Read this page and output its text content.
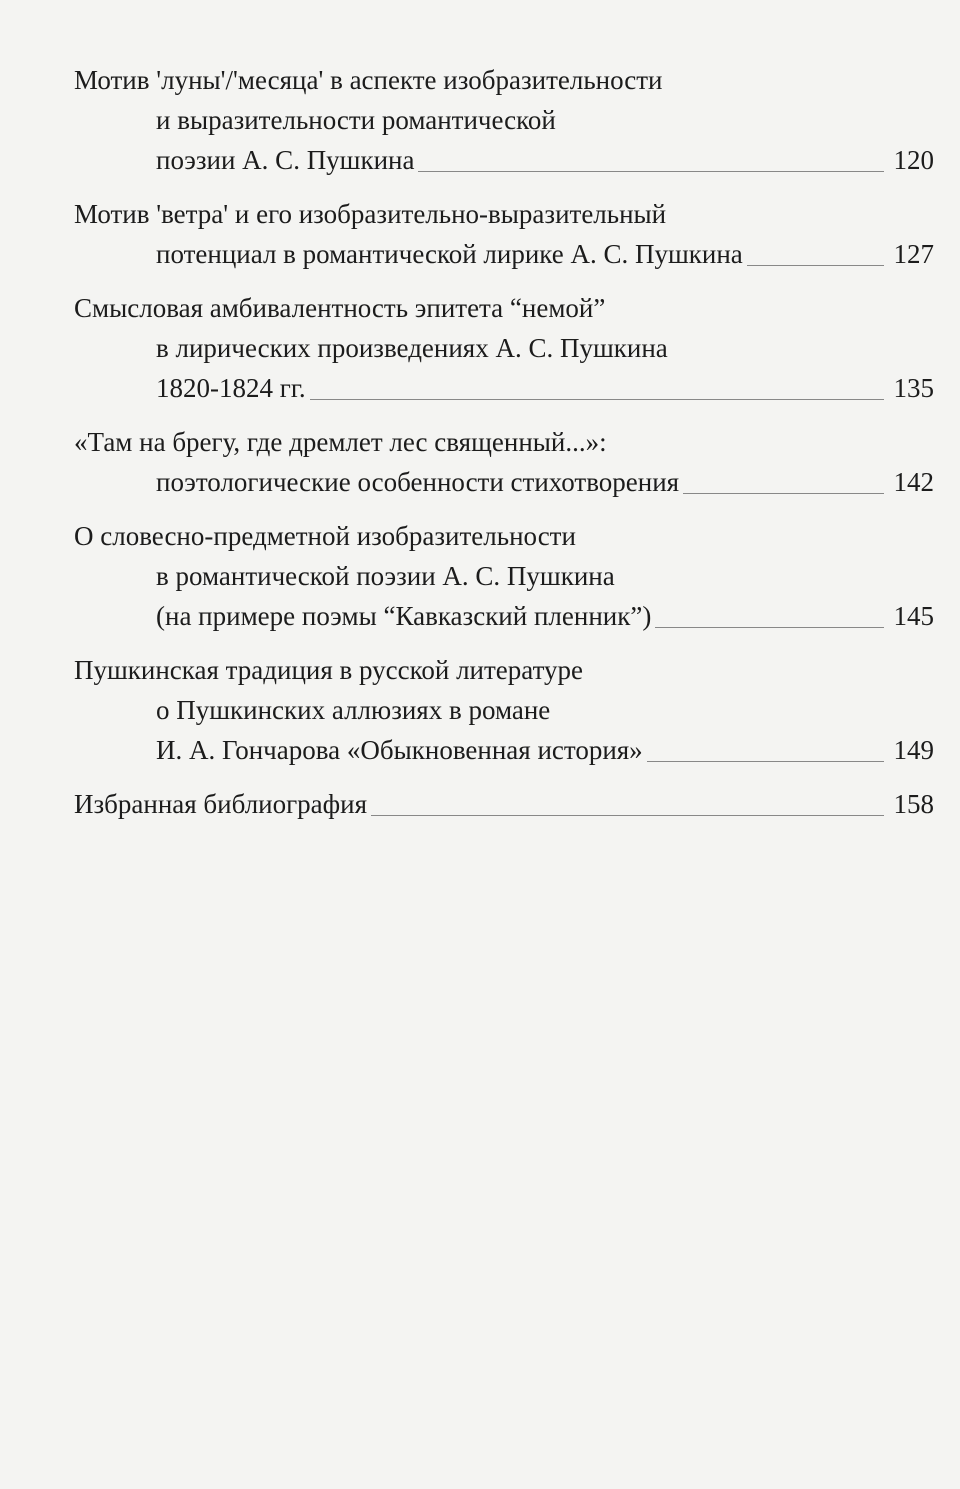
Мотив 'луны'/'месяца' в аспекте изобразительности
и выразительности романтической
поэзии А. С. Пушкина	120
Мотив 'ветра' и его изобразительно-выразительный
потенциал в романтической лирике А. С. Пушкина	127
Смысловая амбивалентность эпитета “немой”
в лирических произведениях А. С. Пушкина
1820-1824 гг.	135
«Там на брегу, где дремлет лес священный...»:
поэтологические особенности стихотворения	142
О словесно-предметной изобразительности
в романтической поэзии А. С. Пушкина
(на примере поэмы “Кавказский пленник”)	145
Пушкинская традиция в русской литературе
о Пушкинских аллюзиях в романе
И. А. Гончарова «Обыкновенная история»	149
Избранная библиография	158
